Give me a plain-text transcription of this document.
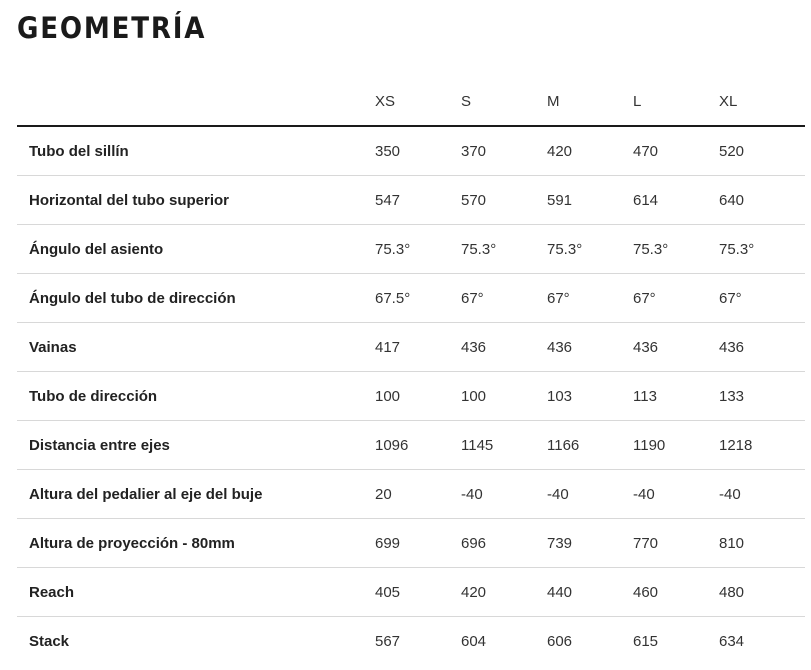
GEOMETRÍA
	XS	S	M	L	XL
Tubo del sillín	350	370	420	470	520
Horizontal del tubo superior	547	570	591	614	640
Ángulo del asiento	75.3°	75.3°	75.3°	75.3°	75.3°
Ángulo del tubo de dirección	67.5°	67°	67°	67°	67°
Vainas	417	436	436	436	436
Tubo de dirección	100	100	103	113	133
Distancia entre ejes	1096	1145	1166	1190	1218
Altura del pedalier al eje del buje	20	-40	-40	-40	-40
Altura de proyección - 80mm	699	696	739	770	810
Reach	405	420	440	460	480
Stack	567	604	606	615	634
